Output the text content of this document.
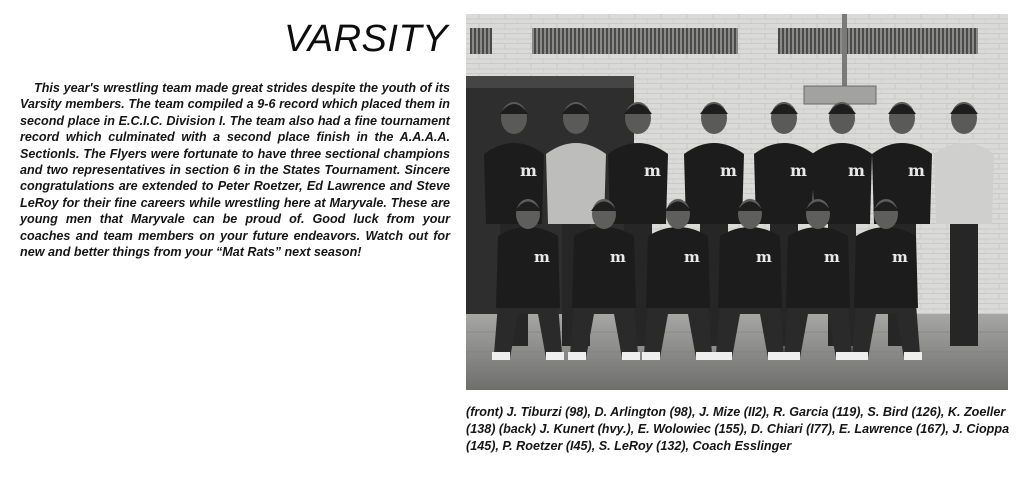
VARSITY
This year's wrestling team made great strides despite the youth of its Varsity members. The team compiled a 9-6 record which placed them in second place in E.C.I.C. Division I. The team also had a fine tournament record which culminated with a second place finish in the A.A.A.A. Sectionls. The Flyers were fortunate to have three sectional champions and two representatives in section 6 in the States Tournament. Sincere congratulations are extended to Peter Roetzer, Ed Lawrence and Steve LeRoy for their fine careers while wrestling here at Maryvale. These are young men that Maryvale can be proud of. Good luck from your coaches and team members on your future endeavors. Watch out for new and better things from your “Mat Rats” next season!
m	m	m	m	m	m
m	m	m	m	m	m
(front) J. Tiburzi (98), D. Arlington (98), J. Mize (II2), R. Garcia (119), S. Bird (126), K. Zoeller (138) (back) J. Kunert (hvy.), E. Wolowiec (155), D. Chiari (I77), E. Lawrence (167), J. Cioppa (145), P. Roetzer (I45), S. LeRoy (132), Coach Esslinger
